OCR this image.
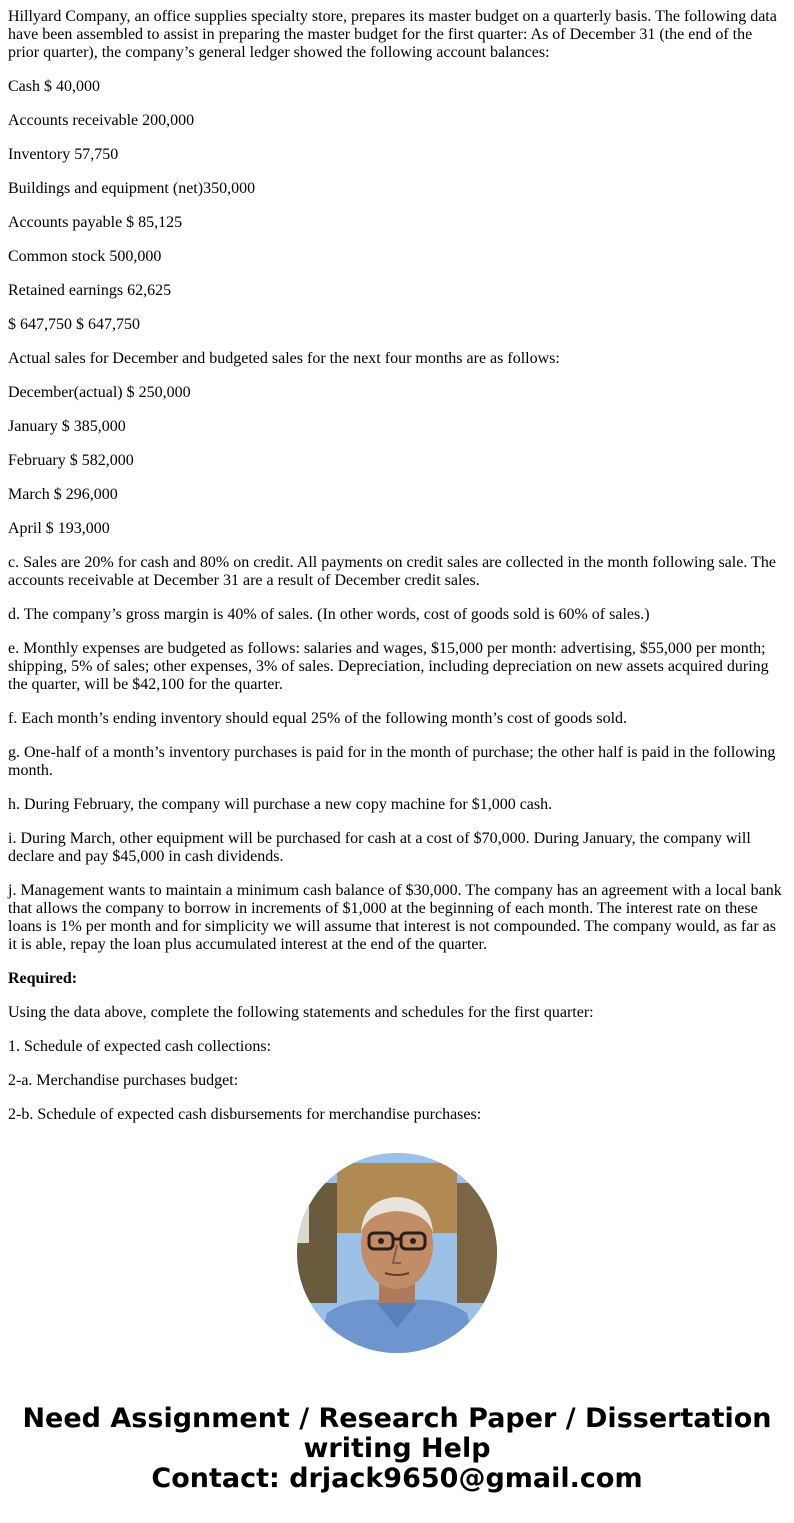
Hillyard Company, an office supplies specialty store, prepares its master budget on a quarterly basis. The following data have been assembled to assist in preparing the master budget for the first quarter: As of December 31 (the end of the prior quarter), the company’s general ledger showed the following account balances:

Cash $ 40,000

Accounts receivable 200,000

Inventory 57,750

Buildings and equipment (net)350,000

Accounts payable $ 85,125

Common stock 500,000

Retained earnings 62,625

$ 647,750 $ 647,750

Actual sales for December and budgeted sales for the next four months are as follows:

December(actual) $ 250,000

January $ 385,000

February $ 582,000

March $ 296,000

April $ 193,000

c. Sales are 20% for cash and 80% on credit. All payments on credit sales are collected in the month following sale. The accounts receivable at December 31 are a result of December credit sales.

d. The company’s gross margin is 40% of sales. (In other words, cost of goods sold is 60% of sales.)

e. Monthly expenses are budgeted as follows: salaries and wages, $15,000 per month: advertising, $55,000 per month; shipping, 5% of sales; other expenses, 3% of sales. Depreciation, including depreciation on new assets acquired during the quarter, will be $42,100 for the quarter.

f. Each month’s ending inventory should equal 25% of the following month’s cost of goods sold.

g. One-half of a month’s inventory purchases is paid for in the month of purchase; the other half is paid in the following month.

h. During February, the company will purchase a new copy machine for $1,000 cash.

i. During March, other equipment will be purchased for cash at a cost of $70,000. During January, the company will declare and pay $45,000 in cash dividends.

j. Management wants to maintain a minimum cash balance of $30,000. The company has an agreement with a local bank that allows the company to borrow in increments of $1,000 at the beginning of each month. The interest rate on these loans is 1% per month and for simplicity we will assume that interest is not compounded. The company would, as far as it is able, repay the loan plus accumulated interest at the end of the quarter.

Required:

Using the data above, complete the following statements and schedules for the first quarter:

1. Schedule of expected cash collections:

2-a. Merchandise purchases budget:

2-b. Schedule of expected cash disbursements for merchandise purchases:

Need Assignment / Research Paper / Dissertation
writing Help
Contact: drjack9650@gmail.com
